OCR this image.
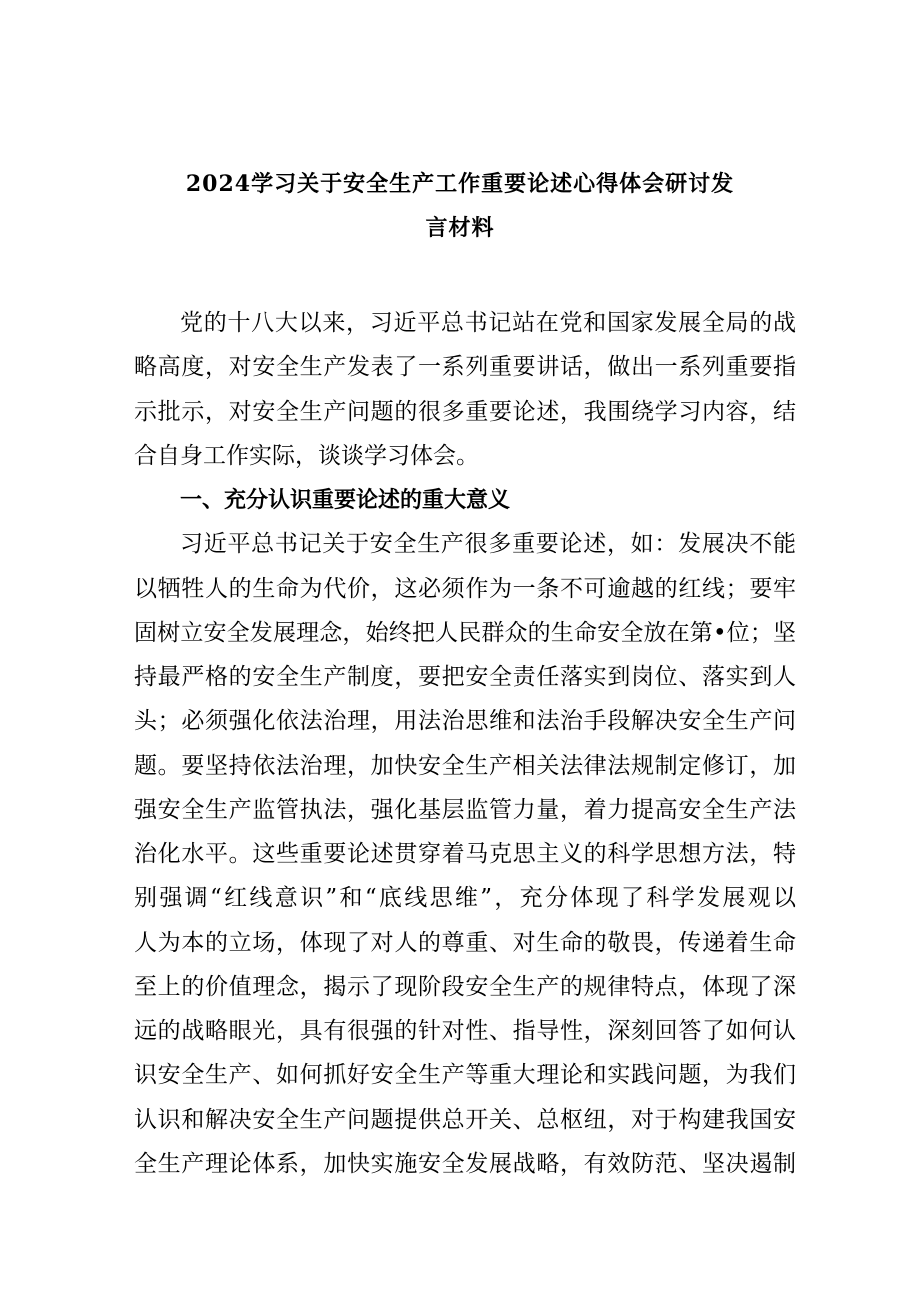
2024学习关于安全生产工作重要论述心得体会研讨发
言材料
党的十八大以来，习近平总书记站在党和国家发展全局的战
略高度，对安全生产发表了一系列重要讲话，做出一系列重要指
示批示，对安全生产问题的很多重要论述，我围绕学习内容，结
合自身工作实际，谈谈学习体会。
一、充分认识重要论述的重大意义
习近平总书记关于安全生产很多重要论述，如：发展决不能
以牺牲人的生命为代价，这必须作为一条不可逾越的红线；要牢
固树立安全发展理念，始终把人民群众的生命安全放在第•位；坚
持最严格的安全生产制度，要把安全责任落实到岗位、落实到人
头；必须强化依法治理，用法治思维和法治手段解决安全生产问
题。要坚持依法治理，加快安全生产相关法律法规制定修订，加
强安全生产监管执法，强化基层监管力量，着力提高安全生产法
治化水平。这些重要论述贯穿着马克思主义的科学思想方法，特
别强调“红线意识”和“底线思维”，充分体现了科学发展观以
人为本的立场，体现了对人的尊重、对生命的敬畏，传递着生命
至上的价值理念，揭示了现阶段安全生产的规律特点，体现了深
远的战略眼光，具有很强的针对性、指导性，深刻回答了如何认
识安全生产、如何抓好安全生产等重大理论和实践问题，为我们
认识和解决安全生产问题提供总开关、总枢纽，对于构建我国安
全生产理论体系，加快实施安全发展战略，有效防范、坚决遏制
